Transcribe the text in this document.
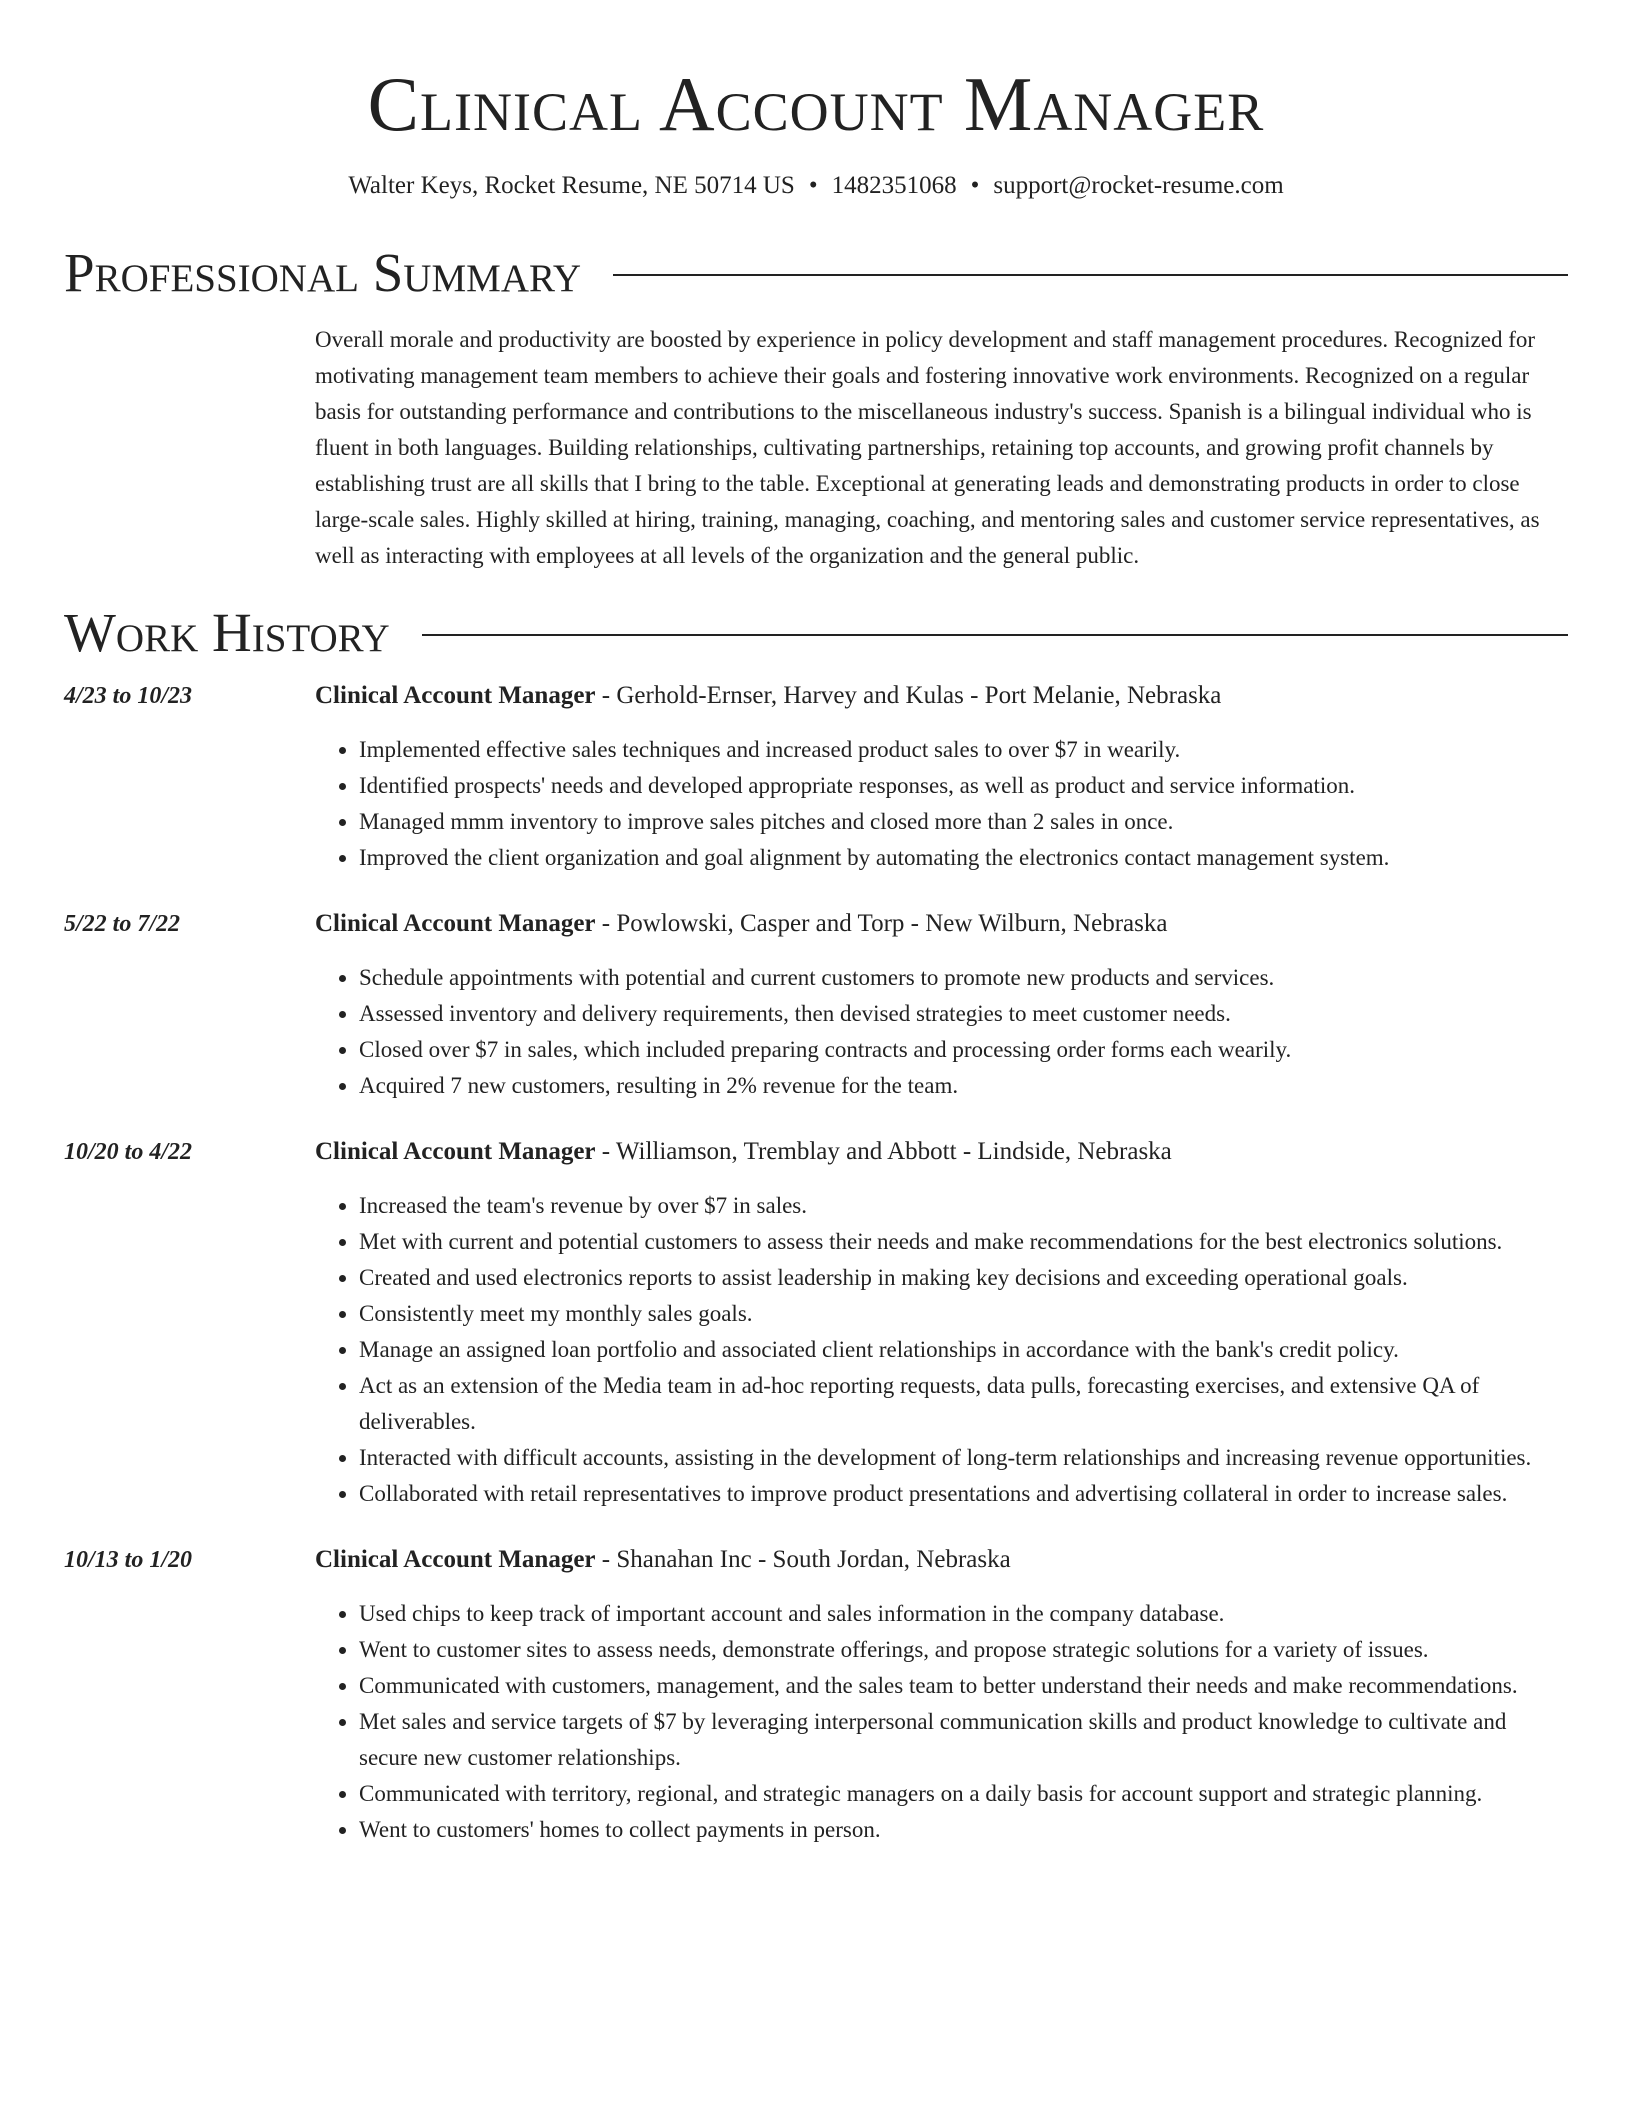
Clinical Account Manager
Walter Keys, Rocket Resume, NE 50714 US • 1482351068 • support@rocket-resume.com
Professional Summary
Overall morale and productivity are boosted by experience in policy development and staff management procedures. Recognized for motivating management team members to achieve their goals and fostering innovative work environments. Recognized on a regular basis for outstanding performance and contributions to the miscellaneous industry's success. Spanish is a bilingual individual who is fluent in both languages. Building relationships, cultivating partnerships, retaining top accounts, and growing profit channels by establishing trust are all skills that I bring to the table. Exceptional at generating leads and demonstrating products in order to close large-scale sales. Highly skilled at hiring, training, managing, coaching, and mentoring sales and customer service representatives, as well as interacting with employees at all levels of the organization and the general public.
Work History
4/23 to 10/23	Clinical Account Manager - Gerhold-Ernser, Harvey and Kulas - Port Melanie, Nebraska
• Implemented effective sales techniques and increased product sales to over $7 in wearily.
• Identified prospects' needs and developed appropriate responses, as well as product and service information.
• Managed mmm inventory to improve sales pitches and closed more than 2 sales in once.
• Improved the client organization and goal alignment by automating the electronics contact management system.
5/22 to 7/22	Clinical Account Manager - Powlowski, Casper and Torp - New Wilburn, Nebraska
• Schedule appointments with potential and current customers to promote new products and services.
• Assessed inventory and delivery requirements, then devised strategies to meet customer needs.
• Closed over $7 in sales, which included preparing contracts and processing order forms each wearily.
• Acquired 7 new customers, resulting in 2% revenue for the team.
10/20 to 4/22	Clinical Account Manager - Williamson, Tremblay and Abbott - Lindside, Nebraska
• Increased the team's revenue by over $7 in sales.
• Met with current and potential customers to assess their needs and make recommendations for the best electronics solutions.
• Created and used electronics reports to assist leadership in making key decisions and exceeding operational goals.
• Consistently meet my monthly sales goals.
• Manage an assigned loan portfolio and associated client relationships in accordance with the bank's credit policy.
• Act as an extension of the Media team in ad-hoc reporting requests, data pulls, forecasting exercises, and extensive QA of deliverables.
• Interacted with difficult accounts, assisting in the development of long-term relationships and increasing revenue opportunities.
• Collaborated with retail representatives to improve product presentations and advertising collateral in order to increase sales.
10/13 to 1/20	Clinical Account Manager - Shanahan Inc - South Jordan, Nebraska
• Used chips to keep track of important account and sales information in the company database.
• Went to customer sites to assess needs, demonstrate offerings, and propose strategic solutions for a variety of issues.
• Communicated with customers, management, and the sales team to better understand their needs and make recommendations.
• Met sales and service targets of $7 by leveraging interpersonal communication skills and product knowledge to cultivate and secure new customer relationships.
• Communicated with territory, regional, and strategic managers on a daily basis for account support and strategic planning.
• Went to customers' homes to collect payments in person.
